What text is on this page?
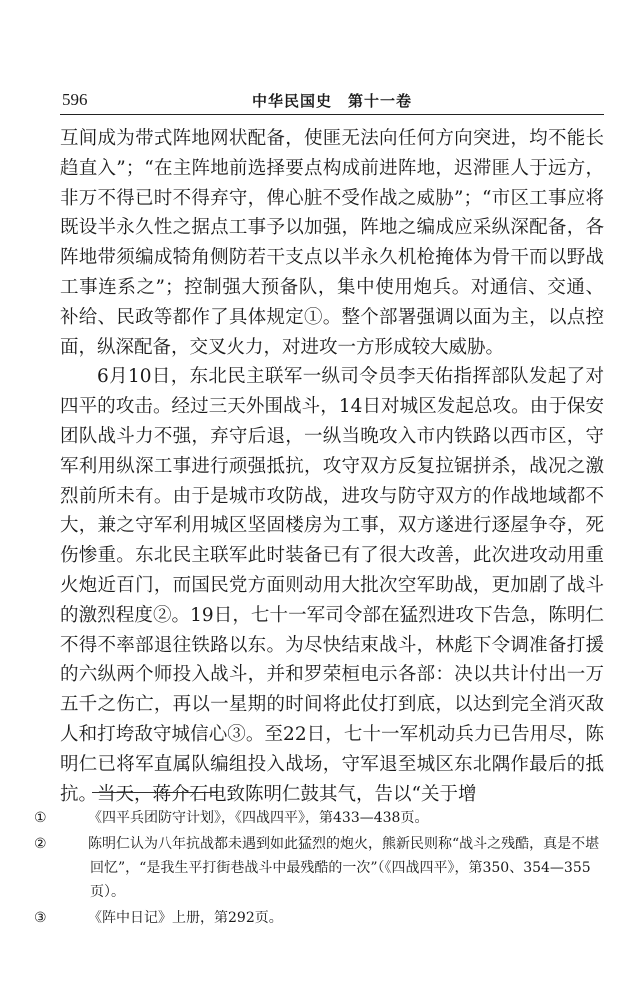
596	中华民国史　第十一卷

互间成为带式阵地网状配备，使匪无法向任何方向突进，均不能长趋直入”；“在主阵地前选择要点构成前进阵地，迟滞匪人于远方，非万不得已时不得弃守，俾心脏不受作战之威胁”；“市区工事应将既设半永久性之据点工事予以加强，阵地之编成应采纵深配备，各阵地带须编成犄角侧防若干支点以半永久机枪掩体为骨干而以野战工事连系之”；控制强大预备队，集中使用炮兵。对通信、交通、补给、民政等都作了具体规定①。整个部署强调以面为主，以点控面，纵深配备，交叉火力，对进攻一方形成较大威胁。

6月10日，东北民主联军一纵司令员李天佑指挥部队发起了对四平的攻击。经过三天外围战斗，14日对城区发起总攻。由于保安团队战斗力不强，弃守后退，一纵当晚攻入市内铁路以西市区，守军利用纵深工事进行顽强抵抗，攻守双方反复拉锯拼杀，战况之激烈前所未有。由于是城市攻防战，进攻与防守双方的作战地域都不大，兼之守军利用城区坚固楼房为工事，双方遂进行逐屋争夺，死伤惨重。东北民主联军此时装备已有了很大改善，此次进攻动用重火炮近百门，而国民党方面则动用大批次空军助战，更加剧了战斗的激烈程度②。19日，七十一军司令部在猛烈进攻下告急，陈明仁不得不率部退往铁路以东。为尽快结束战斗，林彪下令调准备打援的六纵两个师投入战斗，并和罗荣桓电示各部：决以共计付出一万五千之伤亡，再以一星期的时间将此仗打到底，以达到完全消灭敌人和打垮敌守城信心③。至22日，七十一军机动兵力已告用尽，陈明仁已将军直属队编组投入战场，守军退至城区东北隅作最后的抵抗。当天，蒋介石电致陈明仁鼓其气，告以“关于增

①	《四平兵团防守计划》，《四战四平》，第433—438页。

②	陈明仁认为八年抗战都未遇到如此猛烈的炮火，熊新民则称“战斗之残酷，真是不堪回忆”，“是我生平打街巷战斗中最残酷的一次”（《四战四平》，第350、354—355页）。

③	《阵中日记》上册，第292页。
